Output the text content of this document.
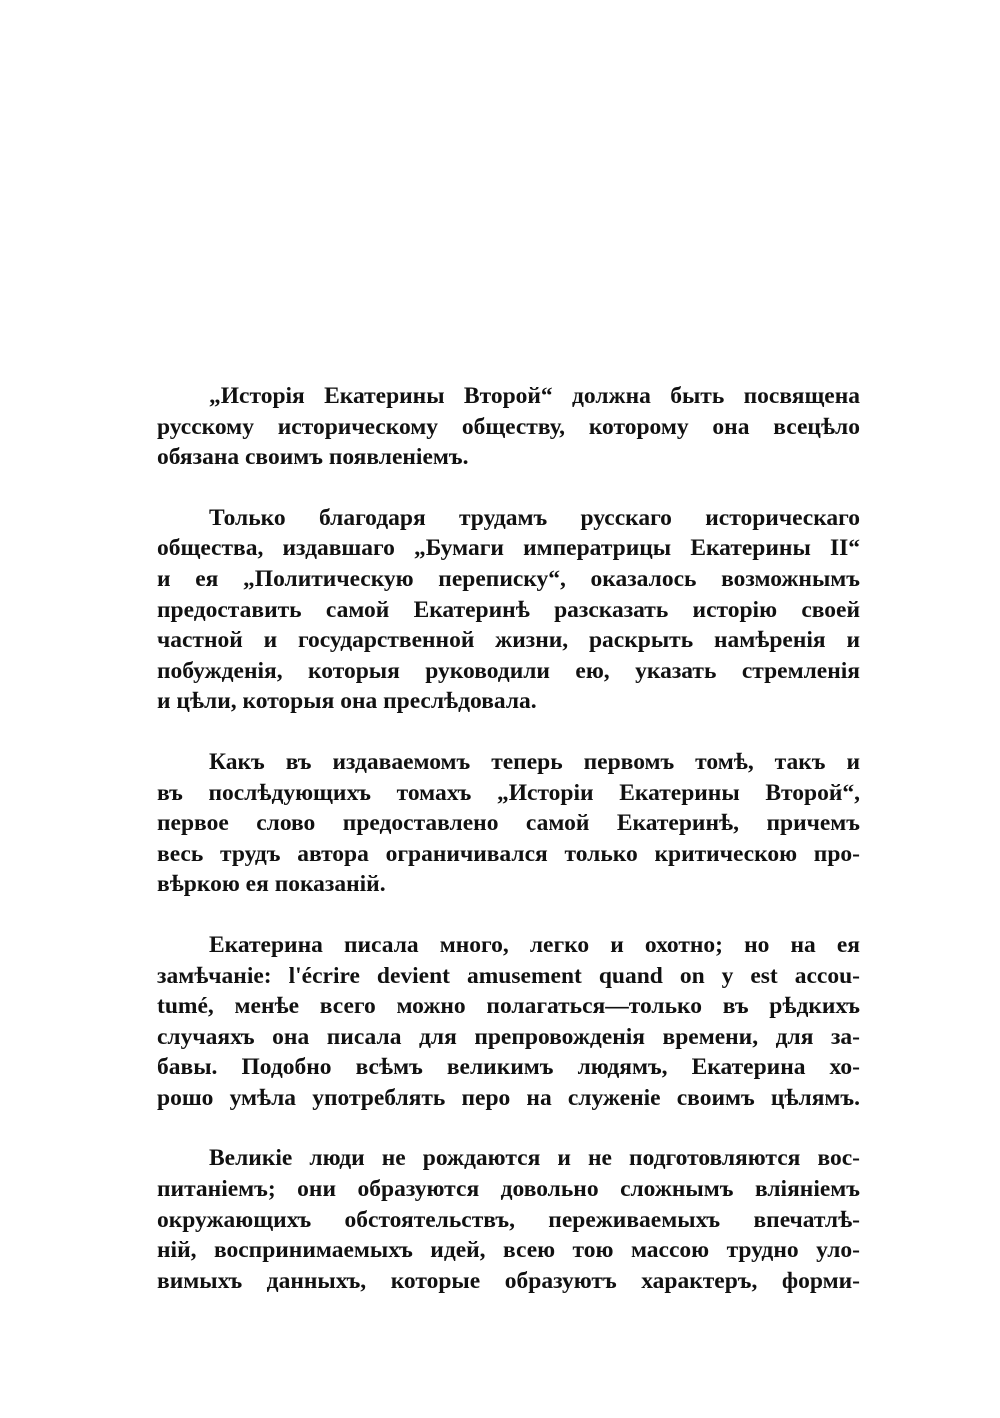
„Исторія Екатерины Второй“ должна быть посвящена
русскому историческому обществу, которому она всецѣло
обязана своимъ появленіемъ.

Только благодаря трудамъ русскаго историческаго
общества, издавшаго „Бумаги императрицы Екатерины II“
и ея „Политическую переписку“, оказалось возможнымъ
предоставить самой Екатеринѣ разсказать исторію своей
частной и государственной жизни, раскрыть намѣренія и
побужденія, которыя руководили ею, указать стремленія
и цѣли, которыя она преслѣдовала.

Какъ въ издаваемомъ теперь первомъ томѣ, такъ и
въ послѣдующихъ томахъ „Исторіи Екатерины Второй“,
первое слово предоставлено самой Екатеринѣ, причемъ
весь трудъ автора ограничивался только критическою про-
вѣркою ея показаній.

Екатерина писала много, легко и охотно; но на ея
замѣчаніе: l'écrire devient amusement quand on y est accou-
tumé, менѣе всего можно полагаться—только въ рѣдкихъ
случаяхъ она писала для препровожденія времени, для за-
бавы. Подобно всѣмъ великимъ людямъ, Екатерина хо-
рошо умѣла употреблять перо на служеніе своимъ цѣлямъ.

Великіе люди не рождаются и не подготовляются вос-
питаніемъ; они образуются довольно сложнымъ вліяніемъ
окружающихъ обстоятельствъ, переживаемыхъ впечатлѣ-
ній, воспринимаемыхъ идей, всею тою массою трудно уло-
вимыхъ данныхъ, которые образуютъ характеръ, форми-
